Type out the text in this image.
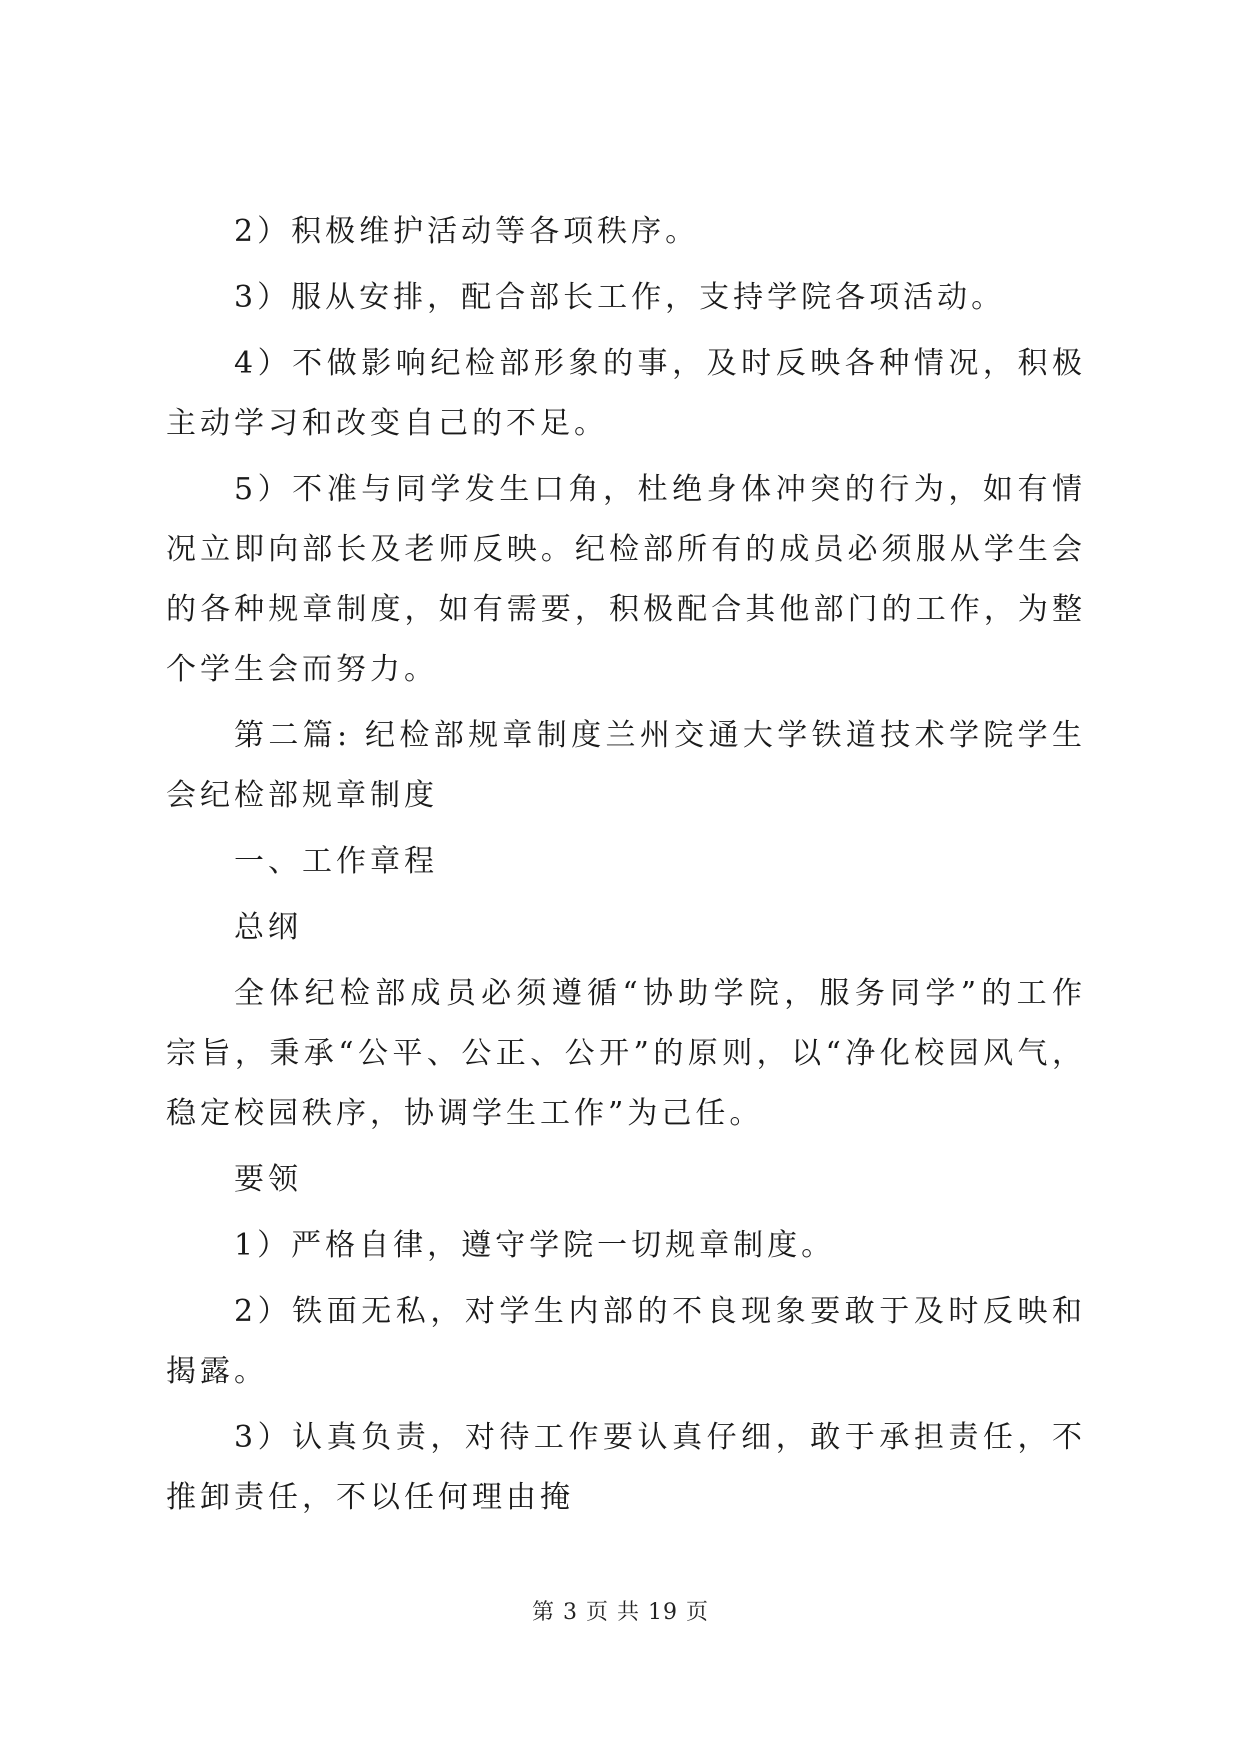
2）积极维护活动等各项秩序。

3）服从安排，配合部长工作，支持学院各项活动。

4）不做影响纪检部形象的事，及时反映各种情况，积极主动学习和改变自己的不足。

5）不准与同学发生口角，杜绝身体冲突的行为，如有情况立即向部长及老师反映。纪检部所有的成员必须服从学生会的各种规章制度，如有需要，积极配合其他部门的工作，为整个学生会而努力。

第二篇: 纪检部规章制度兰州交通大学铁道技术学院学生会纪检部规章制度

一、工作章程

总纲

全体纪检部成员必须遵循“协助学院，服务同学”的工作宗旨，秉承“公平、公正、公开”的原则，以“净化校园风气，稳定校园秩序，协调学生工作”为己任。

要领

1）严格自律，遵守学院一切规章制度。

2）铁面无私，对学生内部的不良现象要敢于及时反映和揭露。

3）认真负责，对待工作要认真仔细，敢于承担责任，不推卸责任，不以任何理由掩

第 3 页 共 19 页
